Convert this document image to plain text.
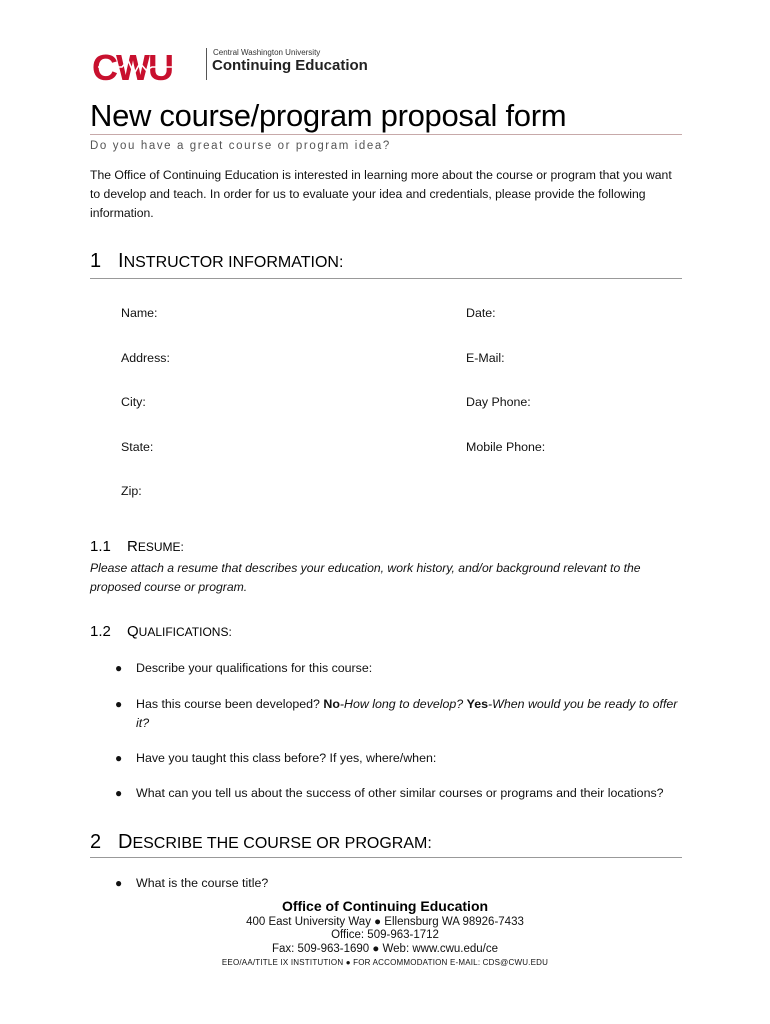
CWU	Central Washington University
Continuing Education
New course/program proposal form
Do you have a great course or program idea?
The Office of Continuing Education is interested in learning more about the course or program that you want to develop and teach. In order for us to evaluate your idea and credentials, please provide the following information.
1 INSTRUCTOR INFORMATION:
Name:
Address:
City:
State:
Zip:
Date:
E-Mail:
Day Phone:
Mobile Phone:
1.1 RESUME:
Please attach a resume that describes your education, work history, and/or background relevant to the proposed course or program.
1.2 QUALIFICATIONS:
● Describe your qualifications for this course:
● Has this course been developed? No-How long to develop? Yes-When would you be ready to offer it?
● Have you taught this class before? If yes, where/when:
● What can you tell us about the success of other similar courses or programs and their locations?
2 DESCRIBE THE COURSE OR PROGRAM:
● What is the course title?
Office of Continuing Education
400 East University Way ● Ellensburg WA 98926-7433
Office: 509-963-1712
Fax: 509-963-1690 ● Web: www.cwu.edu/ce
EEO/AA/TITLE IX INSTITUTION ● FOR ACCOMMODATION E-MAIL: CDS@CWU.EDU
